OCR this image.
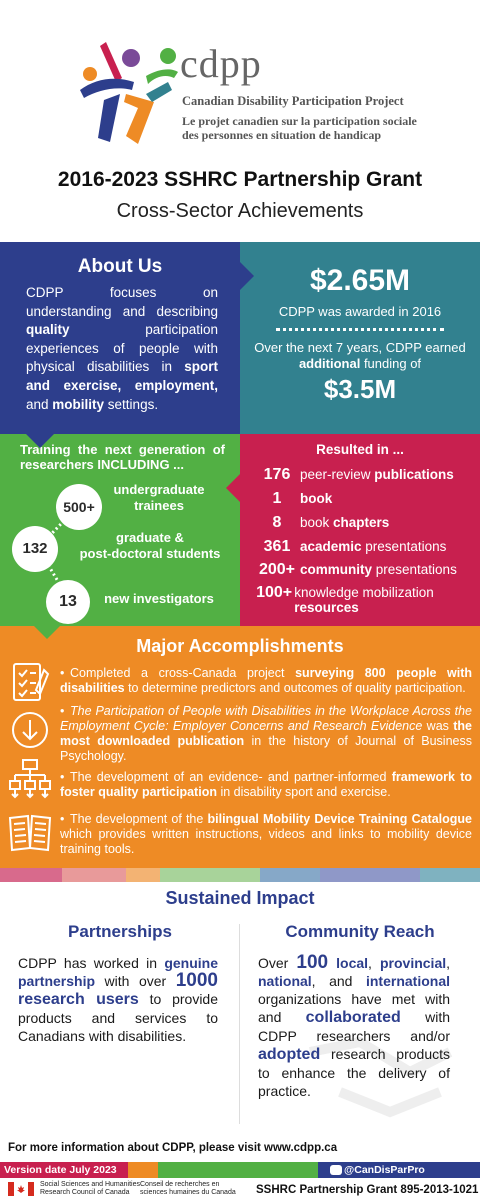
cdpp
Canadian Disability Participation Project
Le projet canadien sur la participation sociale
des personnes en situation de handicap
2016-2023 SSHRC Partnership Grant
Cross-Sector Achievements
About Us
CDPP focuses on understanding and describing quality participation experiences of people with physical disabilities in sport and exercise, employment, and mobility settings.
$2.65M
CDPP was awarded in 2016
Over the next 7 years, CDPP earned additional funding of
$3.5M
Training the next generation of researchers INCLUDING ...
500+
undergraduate
trainees
132
graduate &
post-doctoral students
13	new investigators
Resulted in ...
176 peer-review publications
1	book
8	book chapters
361 academic presentations
200+ community presentations
100+ knowledge mobilization resources
Major Accomplishments
• Completed a cross-Canada project surveying 800 people with disabilities to determine predictors and outcomes of quality participation.
• The Participation of People with Disabilities in the Workplace Across the Employment Cycle: Employer Concerns and Research Evidence was the most downloaded publication in the history of Journal of Business Psychology.
• The development of an evidence- and partner-informed framework to foster quality participation in disability sport and exercise.
• The development of the bilingual Mobility Device Training Catalogue which provides written instructions, videos and links to mobility device training tools.
Sustained Impact
Partnerships	Community Reach
CDPP has worked in genuine partnership with over 1000 research users to provide products and services to Canadians with disabilities.
Over 100 local, provincial, national, and international organizations have met with and collaborated with CDPP researchers and/or adopted research products to enhance the delivery of practice.
For more information about CDPP, please visit www.cdpp.ca
Version date July 2023	@CanDisParPro
Social Sciences and Humanities
Research Council of Canada
Conseil de recherches en
sciences humaines du Canada SSHRC Partnership Grant 895-2013-1021
